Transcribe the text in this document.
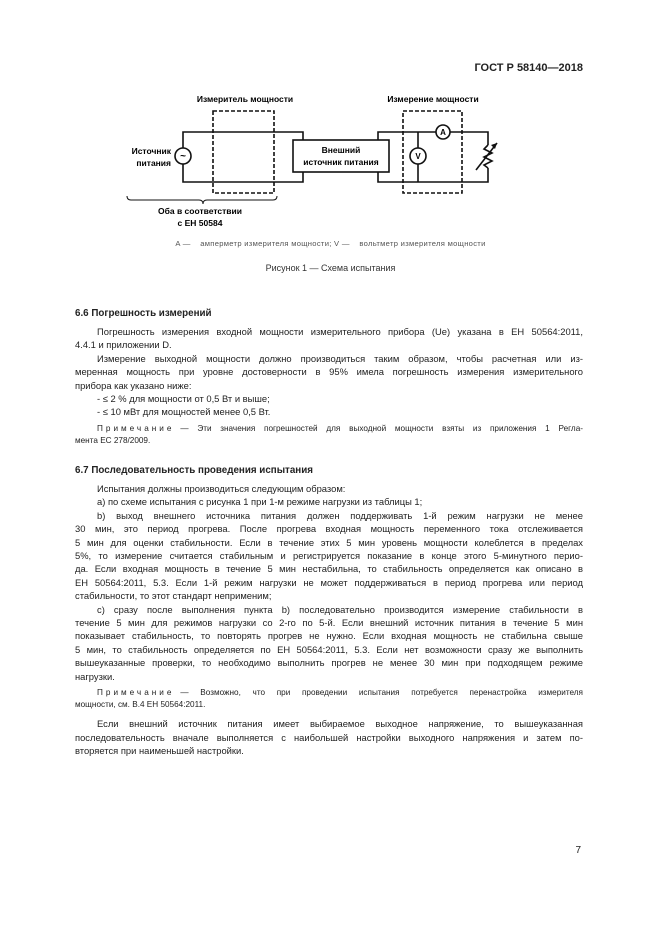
ГОСТ Р 58140—2018
Измеритель мощности	Измерение мощности
Источник
питания
Внешний
источник питания
Оба в соответствии
с ЕН 50584
A
V
~
A —    амперметр измерителя мощности; V —    вольтметр измерителя мощности
Рисунок 1 — Схема испытания
6.6 Погрешность измерений
Погрешность измерения входной мощности измерительного прибора (Ue) указана в ЕН 50564:2011,
4.4.1 и приложении D.
Измерение выходной мощности должно производиться таким образом, чтобы расчетная или из-
меренная мощность при уровне достоверности в 95% имела погрешность измерения измерительного
прибора как указано ниже:
- ≤ 2 % для мощности от 0,5 Вт и выше;
- ≤ 10 мВт для мощностей менее 0,5 Вт.
Примечание — Эти значения погрешностей для выходной мощности взяты из приложения 1 Регла-
мента ЕС 278/2009.
6.7 Последовательность проведения испытания
Испытания должны производиться следующим образом:
a) по схеме испытания с рисунка 1 при 1-м режиме нагрузки из таблицы 1;
b) выход внешнего источника питания должен поддерживать 1-й режим нагрузки не менее
30 мин, это период прогрева. После прогрева входная мощность переменного тока отслеживается
5 мин для оценки стабильности. Если в течение этих 5 мин уровень мощности колеблется в пределах
5%, то измерение считается стабильным и регистрируется показание в конце этого 5-минутного перио-
да. Если входная мощность в течение 5 мин нестабильна, то стабильность определяется как описано в
ЕН 50564:2011, 5.3. Если 1-й режим нагрузки не может поддерживаться в период прогрева или период
стабильности, то этот стандарт неприменим;
c) сразу после выполнения пункта b) последовательно производится измерение стабильности в
течение 5 мин для режимов нагрузки со 2-го по 5-й. Если внешний источник питания в течение 5 мин
показывает стабильность, то повторять прогрев не нужно. Если входная мощность не стабильна свыше
5 мин, то стабильность определяется по ЕН 50564:2011, 5.3. Если нет возможности сразу же выполнить
вышеуказанные проверки, то необходимо выполнить прогрев не менее 30 мин при подходящем режиме
нагрузки.
Примечание — Возможно, что при проведении испытания потребуется перенастройка измерителя
мощности, см. В.4 ЕН 50564:2011.
Если внешний источник питания имеет выбираемое выходное напряжение, то вышеуказанная
последовательность вначале выполняется с наибольшей настройки выходного напряжения и затем по-
вторяется при наименьшей настройки.
7
